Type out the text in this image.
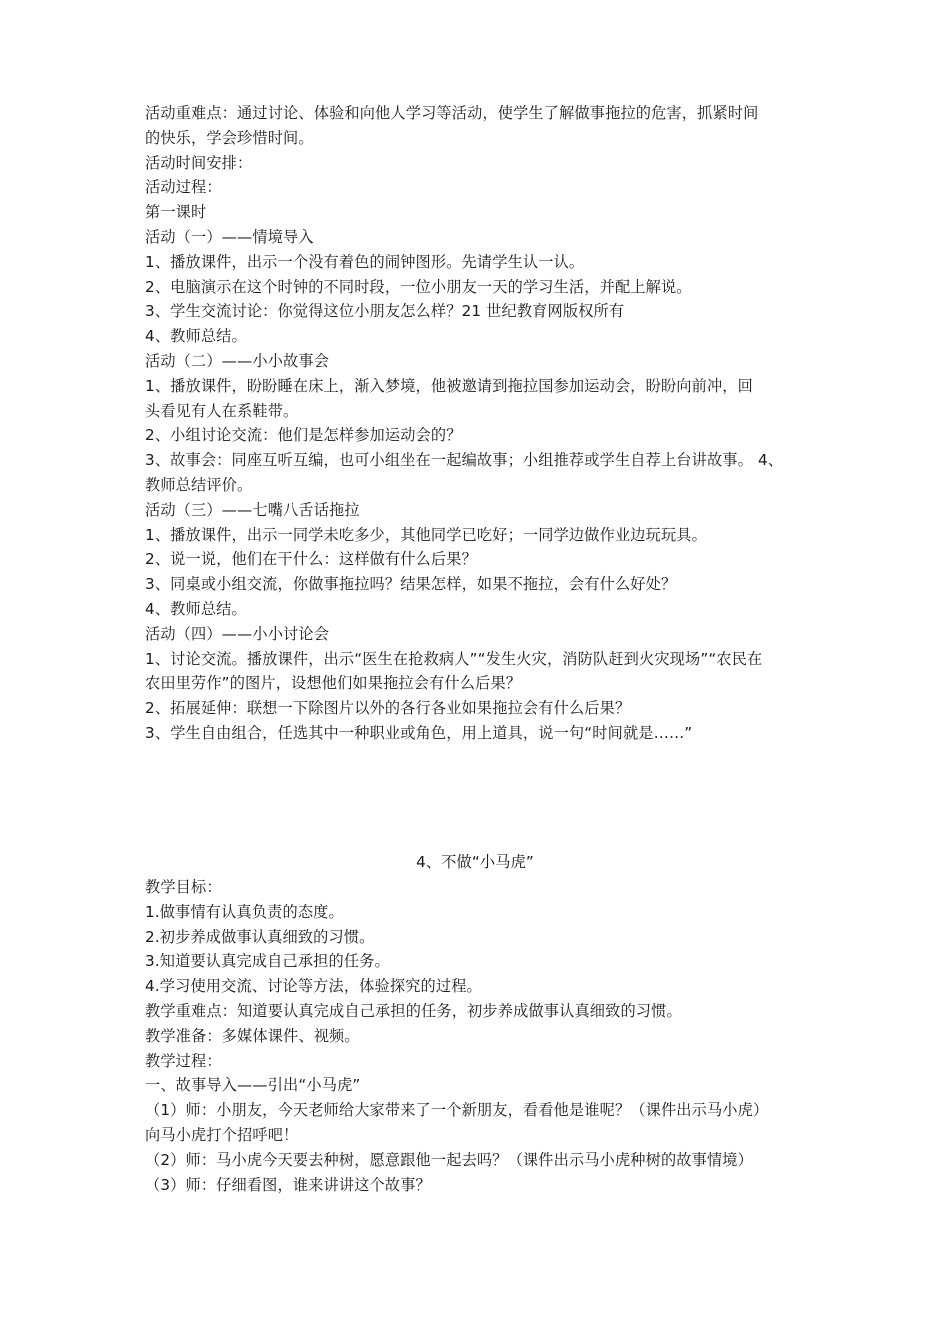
活动重难点：通过讨论、体验和向他人学习等活动，使学生了解做事拖拉的危害，抓紧时间
的快乐，学会珍惜时间。
活动时间安排：
活动过程：
第一课时
活动（一）——情境导入
1、播放课件，出示一个没有着色的闹钟图形。先请学生认一认。
2、电脑演示在这个时钟的不同时段，一位小朋友一天的学习生活，并配上解说。
3、学生交流讨论：你觉得这位小朋友怎么样？21 世纪教育网版权所有
4、教师总结。
活动（二）——小小故事会
1、播放课件，盼盼睡在床上，渐入梦境，他被邀请到拖拉国参加运动会，盼盼向前冲，回
头看见有人在系鞋带。
2、小组讨论交流：他们是怎样参加运动会的？
3、故事会：同座互听互编，也可小组坐在一起编故事；小组推荐或学生自荐上台讲故事。 4、
教师总结评价。
活动（三）——七嘴八舌话拖拉
1、播放课件，出示一同学未吃多少，其他同学已吃好；一同学边做作业边玩玩具。
2、说一说，他们在干什么：这样做有什么后果？
3、同桌或小组交流，你做事拖拉吗？结果怎样，如果不拖拉，会有什么好处？
4、教师总结。
活动（四）——小小讨论会
1、讨论交流。播放课件，出示“医生在抢救病人”“发生火灾，消防队赶到火灾现场”“农民在
农田里劳作”的图片，设想他们如果拖拉会有什么后果？
2、拓展延伸：联想一下除图片以外的各行各业如果拖拉会有什么后果？
3、学生自由组合，任选其中一种职业或角色，用上道具，说一句“时间就是……”
4、不做“小马虎”
教学目标：
1.做事情有认真负责的态度。
2.初步养成做事认真细致的习惯。
3.知道要认真完成自己承担的任务。
4.学习使用交流、讨论等方法，体验探究的过程。
教学重难点：知道要认真完成自己承担的任务，初步养成做事认真细致的习惯。
教学准备：多媒体课件、视频。
教学过程：
一、故事导入——引出“小马虎”
（1）师：小朋友，今天老师给大家带来了一个新朋友，看看他是谁呢？（课件出示马小虎）
向马小虎打个招呼吧！
（2）师：马小虎今天要去种树，愿意跟他一起去吗？（课件出示马小虎种树的故事情境）
（3）师：仔细看图，谁来讲讲这个故事？
